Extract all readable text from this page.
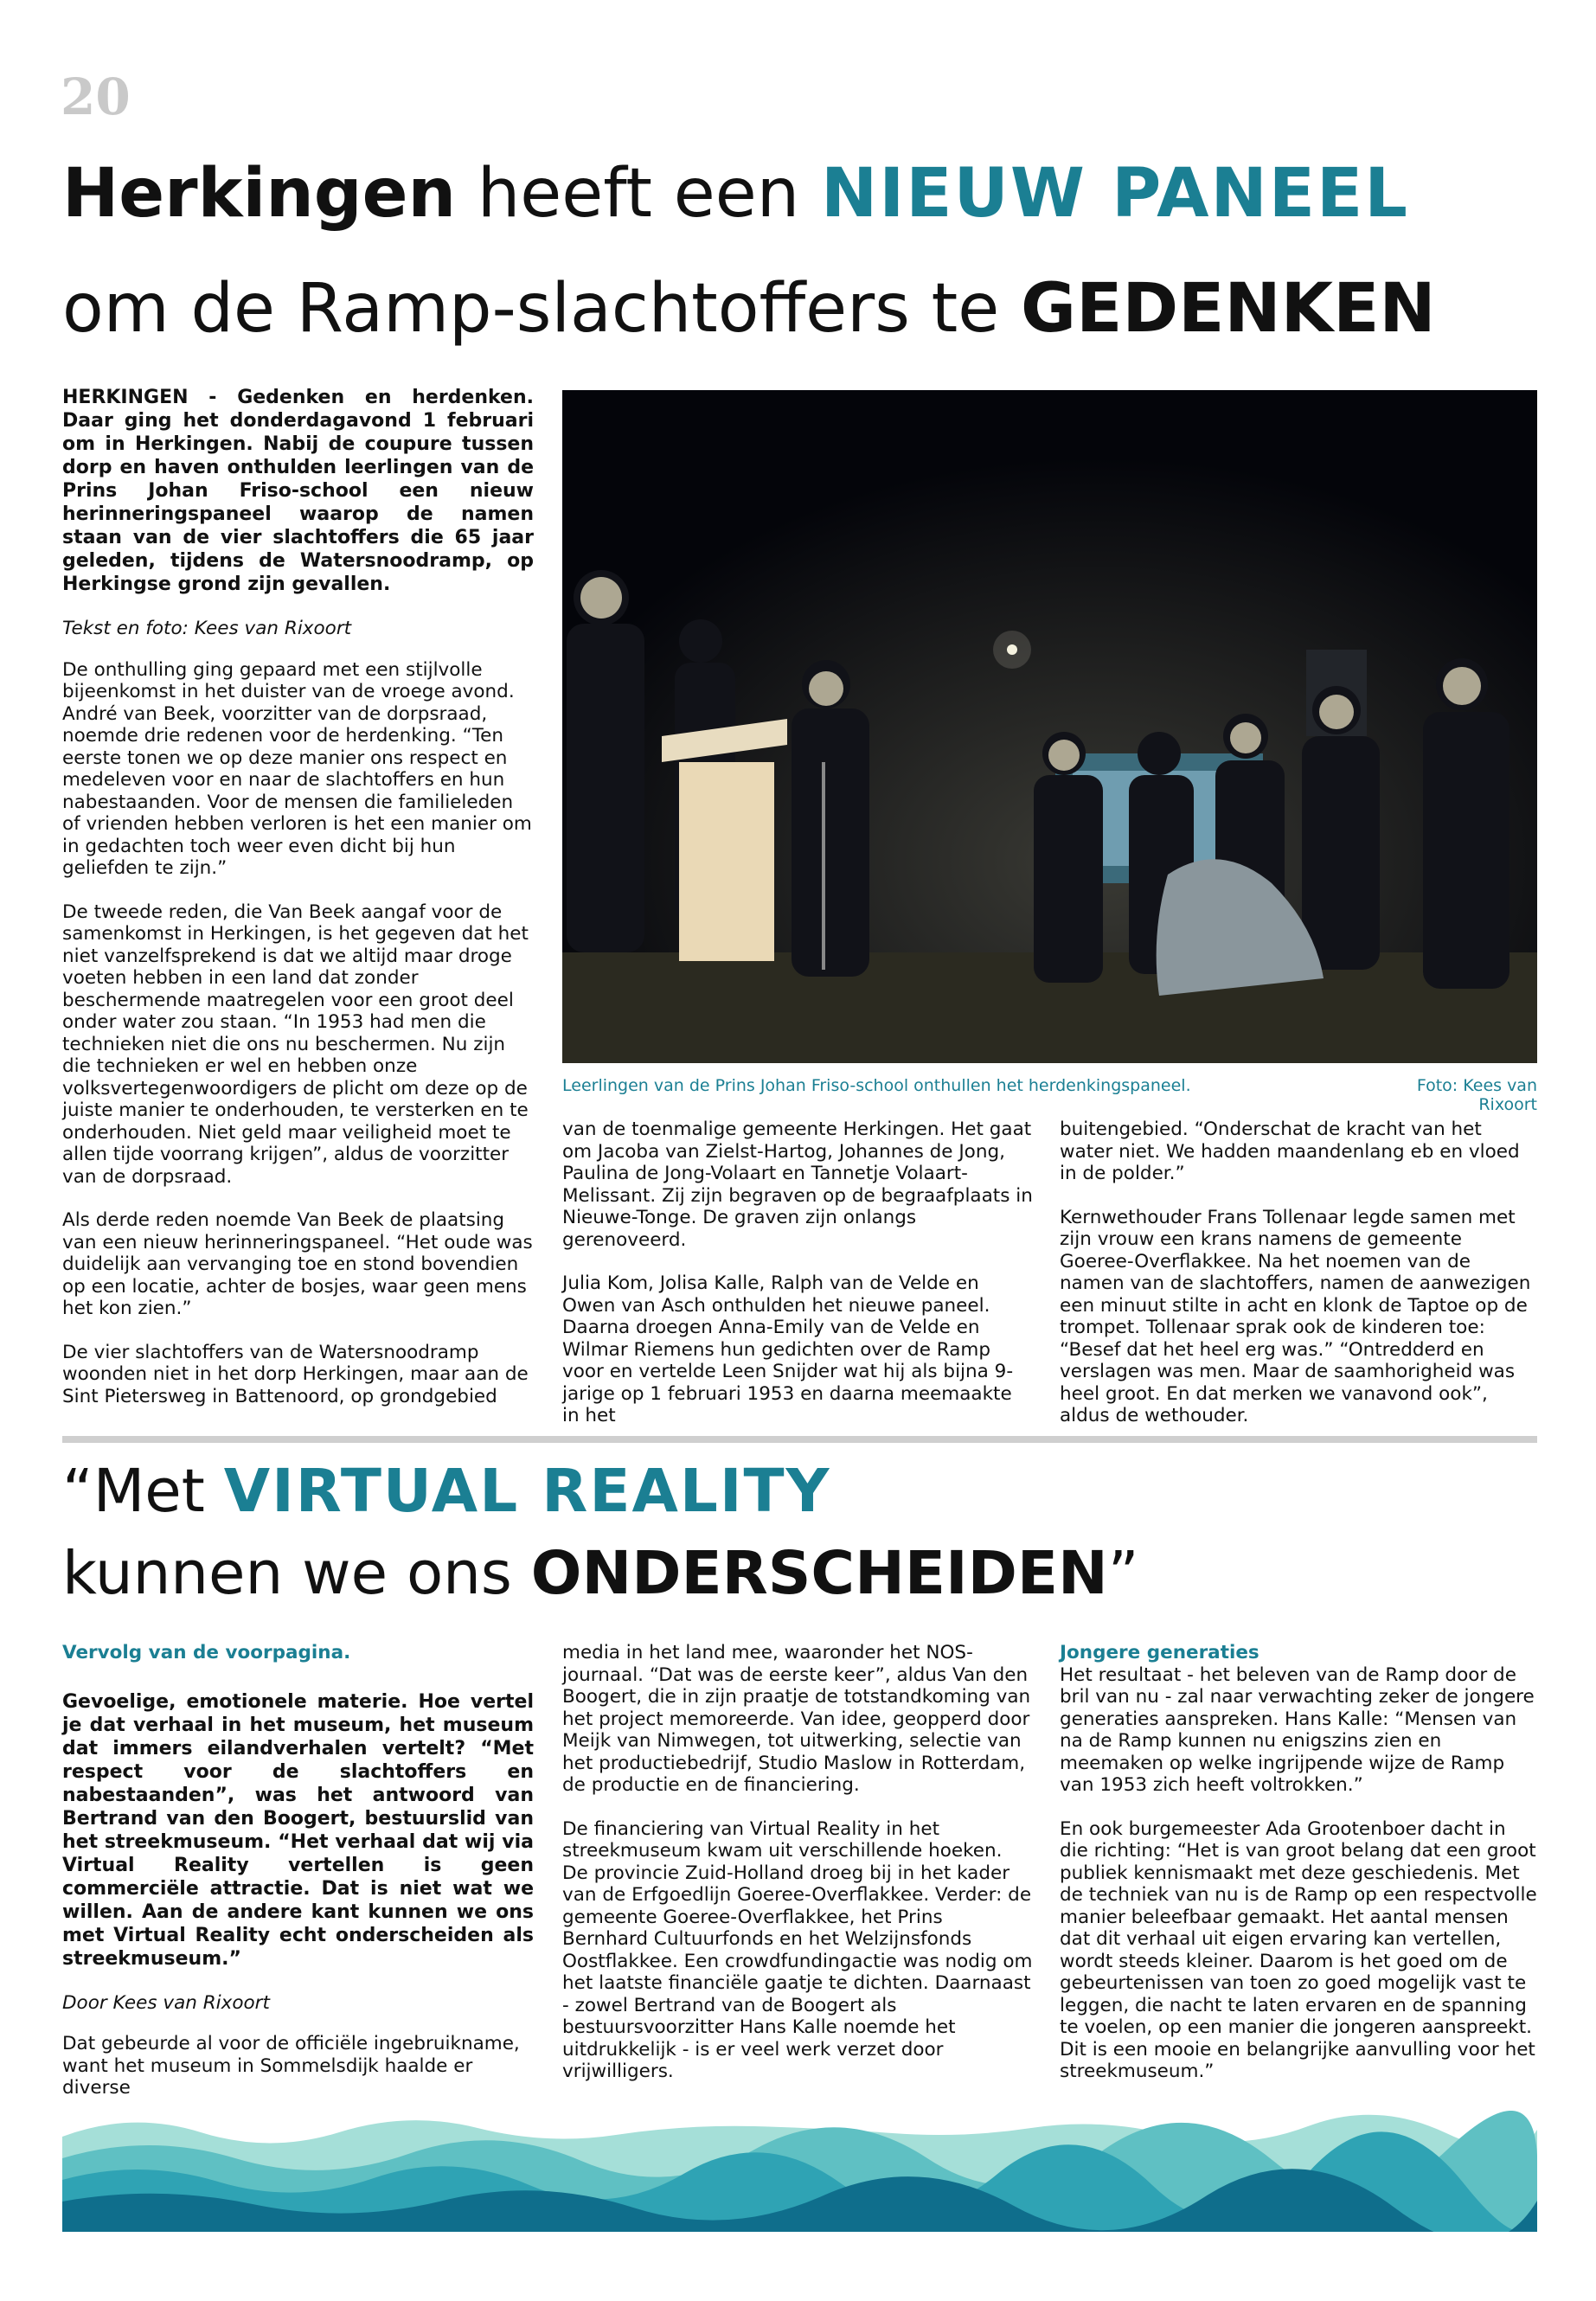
20

Herkingen heeft een NIEUW PANEEL
om de Ramp-slachtoffers te GEDENKEN

HERKINGEN - Gedenken en herdenken. Daar ging het donderdagavond 1 februari om in Herkingen. Nabij de coupure tussen dorp en haven onthulden leerlingen van de Prins Johan Friso-school een nieuw herinneringspaneel waarop de namen staan van de vier slachtoffers die 65 jaar geleden, tijdens de Watersnoodramp, op Herkingse grond zijn gevallen.

Tekst en foto: Kees van Rixoort

De onthulling ging gepaard met een stijlvolle bijeenkomst in het duister van de vroege avond. André van Beek, voorzitter van de dorpsraad, noemde drie redenen voor de herdenking. “Ten eerste tonen we op deze manier ons respect en medeleven voor en naar de slachtoffers en hun nabestaanden. Voor de mensen die familieleden of vrienden hebben verloren is het een manier om in gedachten toch weer even dicht bij hun geliefden te zijn.”

De tweede reden, die Van Beek aangaf voor de samenkomst in Herkingen, is het gegeven dat het niet vanzelfsprekend is dat we altijd maar droge voeten hebben in een land dat zonder beschermende maatregelen voor een groot deel onder water zou staan. “In 1953 had men die technieken niet die ons nu beschermen. Nu zijn die technieken er wel en hebben onze volksvertegenwoordigers de plicht om deze op de juiste manier te onderhouden, te versterken en te onderhouden. Niet geld maar veiligheid moet te allen tijde voorrang krijgen”, aldus de voorzitter van de dorpsraad.

Als derde reden noemde Van Beek de plaatsing van een nieuw herinneringspaneel. “Het oude was duidelijk aan vervanging toe en stond bovendien op een locatie, achter de bosjes, waar geen mens het kon zien.”

De vier slachtoffers van de Watersnoodramp woonden niet in het dorp Herkingen, maar aan de Sint Pietersweg in Battenoord, op grondgebied

Leerlingen van de Prins Johan Friso-school onthullen het herdenkingspaneel.	Foto: Kees van Rixoort

van de toenmalige gemeente Herkingen. Het gaat om Jacoba van Zielst-Hartog, Johannes de Jong, Paulina de Jong-Volaart en Tannetje Volaart-Melissant. Zij zijn begraven op de begraafplaats in Nieuwe-Tonge. De graven zijn onlangs gerenoveerd.

Julia Kom, Jolisa Kalle, Ralph van de Velde en Owen van Asch onthulden het nieuwe paneel. Daarna droegen Anna-Emily van de Velde en Wilmar Riemens hun gedichten over de Ramp voor en vertelde Leen Snijder wat hij als bijna 9-jarige op 1 februari 1953 en daarna meemaakte in het

buitengebied. “Onderschat de kracht van het water niet. We hadden maandenlang eb en vloed in de polder.”

Kernwethouder Frans Tollenaar legde samen met zijn vrouw een krans namens de gemeente Goeree-Overflakkee. Na het noemen van de namen van de slachtoffers, namen de aanwezigen een minuut stilte in acht en klonk de Taptoe op de trompet. Tollenaar sprak ook de kinderen toe: “Besef dat het heel erg was.” “Ontredderd en verslagen was men. Maar de saamhorigheid was heel groot. En dat merken we vanavond ook”, aldus de wethouder.

“Met VIRTUAL REALITY
kunnen we ons ONDERSCHEIDEN”

Vervolg van de voorpagina.

Gevoelige, emotionele materie. Hoe vertel je dat verhaal in het museum, het museum dat immers eilandverhalen vertelt? “Met respect voor de slachtoffers en nabestaanden”, was het antwoord van Bertrand van den Boogert, bestuurslid van het streekmuseum. “Het verhaal dat wij via Virtual Reality vertellen is geen commerciële attractie. Dat is niet wat we willen. Aan de andere kant kunnen we ons met Virtual Reality echt onderscheiden als streekmuseum.”

Door Kees van Rixoort

Dat gebeurde al voor de officiële ingebruikname, want het museum in Sommelsdijk haalde er diverse

media in het land mee, waaronder het NOS-journaal. “Dat was de eerste keer”, aldus Van den Boogert, die in zijn praatje de totstandkoming van het project memoreerde. Van idee, geopperd door Meijk van Nimwegen, tot uitwerking, selectie van het productiebedrijf, Studio Maslow in Rotterdam, de productie en de financiering.

De financiering van Virtual Reality in het streekmuseum kwam uit verschillende hoeken. De provincie Zuid-Holland droeg bij in het kader van de Erfgoedlijn Goeree-Overflakkee. Verder: de gemeente Goeree-Overflakkee, het Prins Bernhard Cultuurfonds en het Welzijnsfonds Oostflakkee. Een crowdfundingactie was nodig om het laatste financiële gaatje te dichten. Daarnaast - zowel Bertrand van de Boogert als bestuursvoorzitter Hans Kalle noemde het uitdrukkelijk - is er veel werk verzet door vrijwilligers.

Jongere generaties

Het resultaat - het beleven van de Ramp door de bril van nu - zal naar verwachting zeker de jongere generaties aanspreken. Hans Kalle: “Mensen van na de Ramp kunnen nu enigszins zien en meemaken op welke ingrijpende wijze de Ramp van 1953 zich heeft voltrokken.”

En ook burgemeester Ada Grootenboer dacht in die richting: “Het is van groot belang dat een groot publiek kennismaakt met deze geschiedenis. Met de techniek van nu is de Ramp op een respectvolle manier beleefbaar gemaakt. Het aantal mensen dat dit verhaal uit eigen ervaring kan vertellen, wordt steeds kleiner. Daarom is het goed om de gebeurtenissen van toen zo goed mogelijk vast te leggen, die nacht te laten ervaren en de spanning te voelen, op een manier die jongeren aanspreekt. Dit is een mooie en belangrijke aanvulling voor het streekmuseum.”
